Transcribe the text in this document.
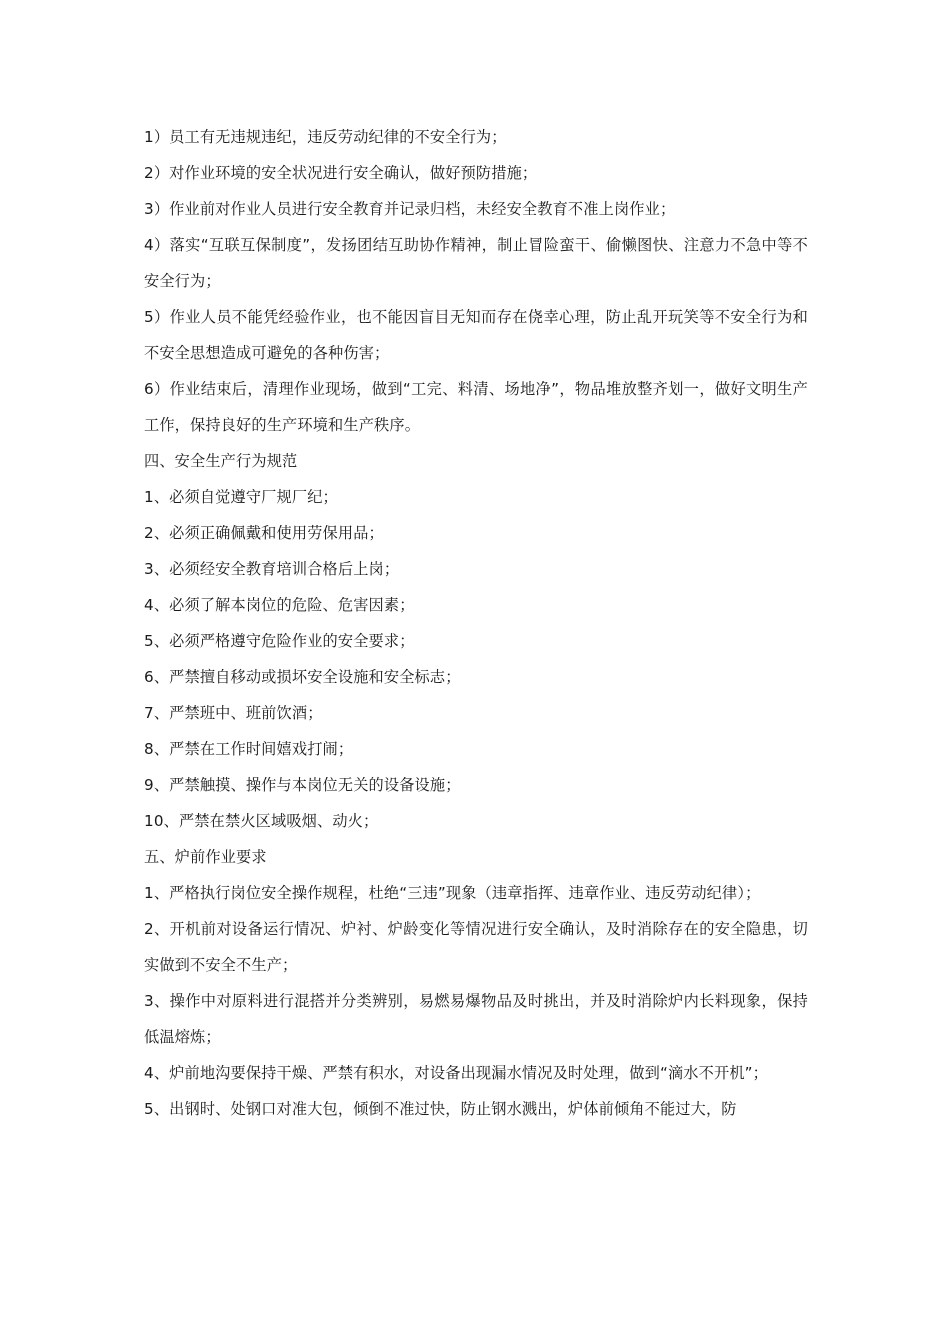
1）员工有无违规违纪，违反劳动纪律的不安全行为；

2）对作业环境的安全状况进行安全确认，做好预防措施；

3）作业前对作业人员进行安全教育并记录归档，未经安全教育不准上岗作业；

4）落实“互联互保制度”，发扬团结互助协作精神，制止冒险蛮干、偷懒图快、注意力不急中等不安全行为；

5）作业人员不能凭经验作业，也不能因盲目无知而存在侥幸心理，防止乱开玩笑等不安全行为和不安全思想造成可避免的各种伤害；

6）作业结束后，清理作业现场，做到“工完、料清、场地净”，物品堆放整齐划一，做好文明生产工作，保持良好的生产环境和生产秩序。

四、安全生产行为规范

1、必须自觉遵守厂规厂纪；

2、必须正确佩戴和使用劳保用品；

3、必须经安全教育培训合格后上岗；

4、必须了解本岗位的危险、危害因素；

5、必须严格遵守危险作业的安全要求；

6、严禁擅自移动或损坏安全设施和安全标志；

7、严禁班中、班前饮酒；

8、严禁在工作时间嬉戏打闹；

9、严禁触摸、操作与本岗位无关的设备设施；

10、严禁在禁火区域吸烟、动火；

五、炉前作业要求

1、严格执行岗位安全操作规程，杜绝“三违”现象（违章指挥、违章作业、违反劳动纪律）；

2、开机前对设备运行情况、炉衬、炉龄变化等情况进行安全确认，及时消除存在的安全隐患，切实做到不安全不生产；

3、操作中对原料进行混搭并分类辨别，易燃易爆物品及时挑出，并及时消除炉内长料现象，保持低温熔炼；

4、炉前地沟要保持干燥、严禁有积水，对设备出现漏水情况及时处理，做到“滴水不开机”；

5、出钢时、处钢口对准大包，倾倒不准过快，防止钢水溅出，炉体前倾角不能过大，防
